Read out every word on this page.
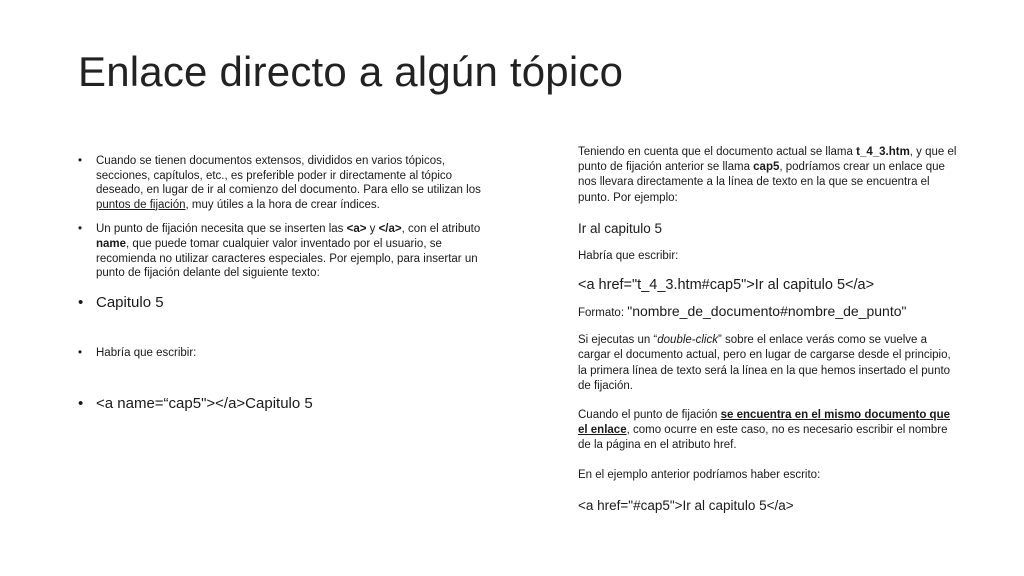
Enlace directo a algún tópico
• Cuando se tienen documentos extensos, divididos en varios tópicos, secciones, capítulos, etc., es preferible poder ir directamente al tópico deseado, en lugar de ir al comienzo del documento. Para ello se utilizan los puntos de fijación, muy útiles a la hora de crear índices.
• Un punto de fijación necesita que se inserten las <a> y </a>, con el atributo name, que puede tomar cualquier valor inventado por el usuario, se recomienda no utilizar caracteres especiales. Por ejemplo, para insertar un punto de fijación delante del siguiente texto:
• Capitulo 5
• Habría que escribir:
• <a name=“cap5"></a>Capitulo 5

Teniendo en cuenta que el documento actual se llama t_4_3.htm, y que el punto de fijación anterior se llama cap5, podríamos crear un enlace que nos llevara directamente a la línea de texto en la que se encuentra el punto. Por ejemplo:

Ir al capitulo 5

Habría que escribir:

<a href="t_4_3.htm#cap5">Ir al capitulo 5</a>

Formato: "nombre_de_documento#nombre_de_punto"

Si ejecutas un “double-click” sobre el enlace verás como se vuelve a cargar el documento actual, pero en lugar de cargarse desde el principio, la primera línea de texto será la línea en la que hemos insertado el punto de fijación.

Cuando el punto de fijación se encuentra en el mismo documento que el enlace, como ocurre en este caso, no es necesario escribir el nombre de la página en el atributo href.

En el ejemplo anterior podríamos haber escrito:

<a href="#cap5">Ir al capitulo 5</a>
